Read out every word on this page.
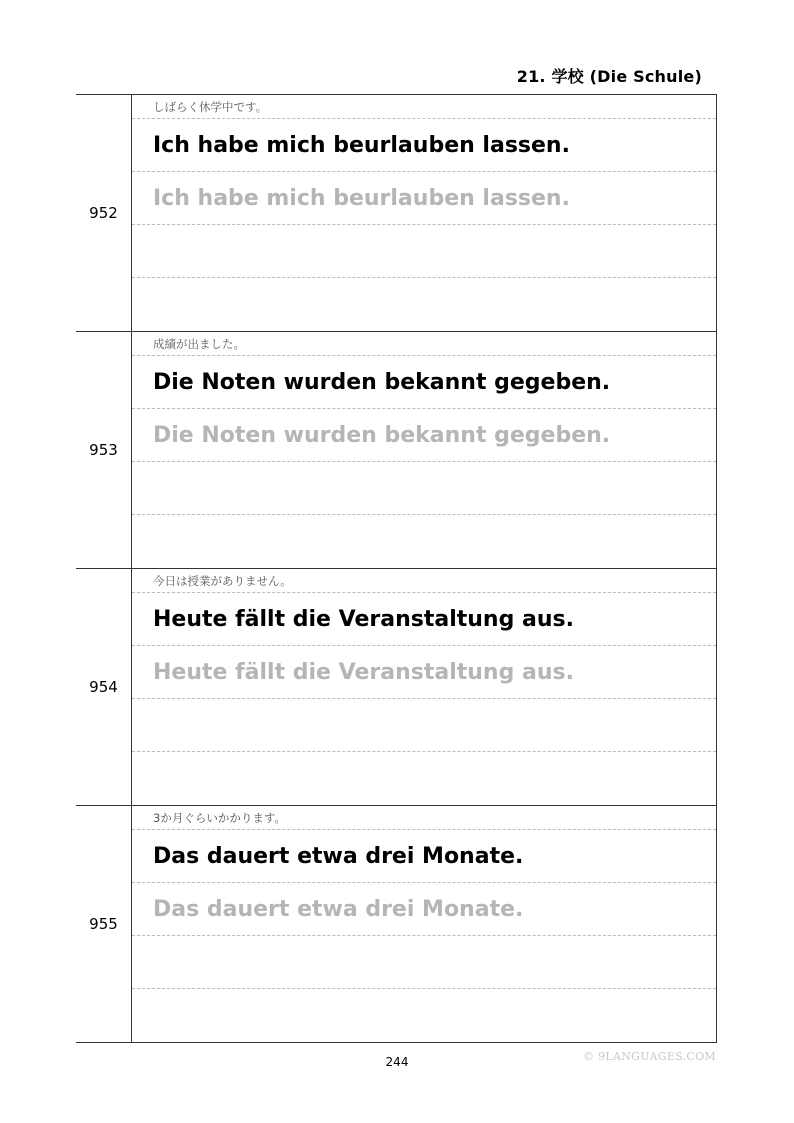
21. 学校 (Die Schule)
952
しばらく休学中です。
Ich habe mich beurlauben lassen.
Ich habe mich beurlauben lassen.
953
成績が出ました。
Die Noten wurden bekannt gegeben.
Die Noten wurden bekannt gegeben.
954
今日は授業がありません。
Heute fällt die Veranstaltung aus.
Heute fällt die Veranstaltung aus.
955
3か月ぐらいかかります。
Das dauert etwa drei Monate.
Das dauert etwa drei Monate.
244	© 9LANGUAGES.COM
